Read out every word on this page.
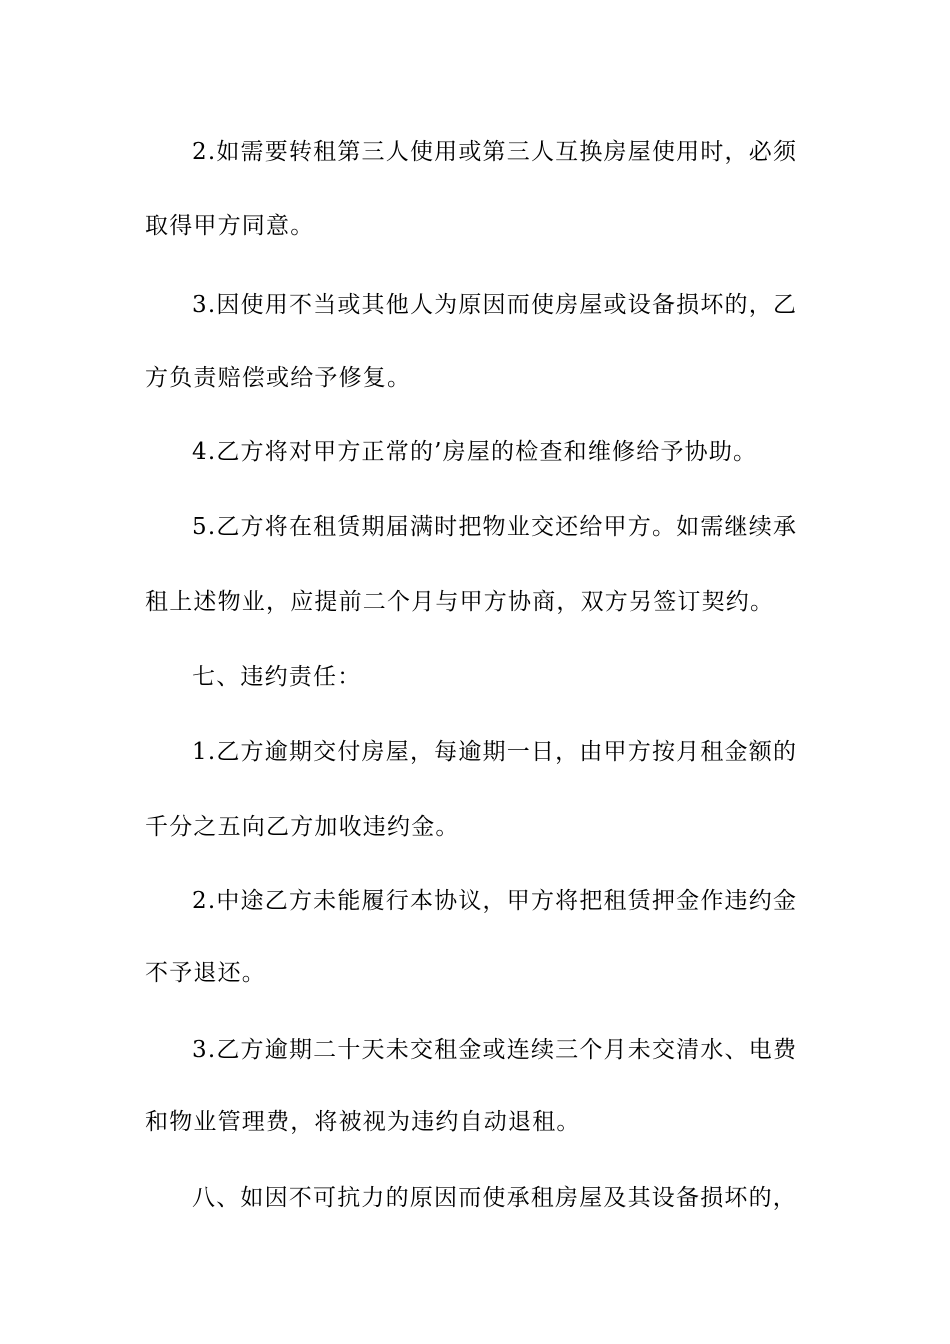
2.如需要转租第三人使用或第三人互换房屋使用时，必须
取得甲方同意。
3.因使用不当或其他人为原因而使房屋或设备损坏的，乙
方负责赔偿或给予修复。
4.乙方将对甲方正常的’房屋的检查和维修给予协助。
5.乙方将在租赁期届满时把物业交还给甲方。如需继续承
租上述物业，应提前二个月与甲方协商，双方另签订契约。
七、违约责任：
1.乙方逾期交付房屋，每逾期一日，由甲方按月租金额的
千分之五向乙方加收违约金。
2.中途乙方未能履行本协议，甲方将把租赁押金作违约金
不予退还。
3.乙方逾期二十天未交租金或连续三个月未交清水、电费
和物业管理费，将被视为违约自动退租。
八、如因不可抗力的原因而使承租房屋及其设备损坏的，
